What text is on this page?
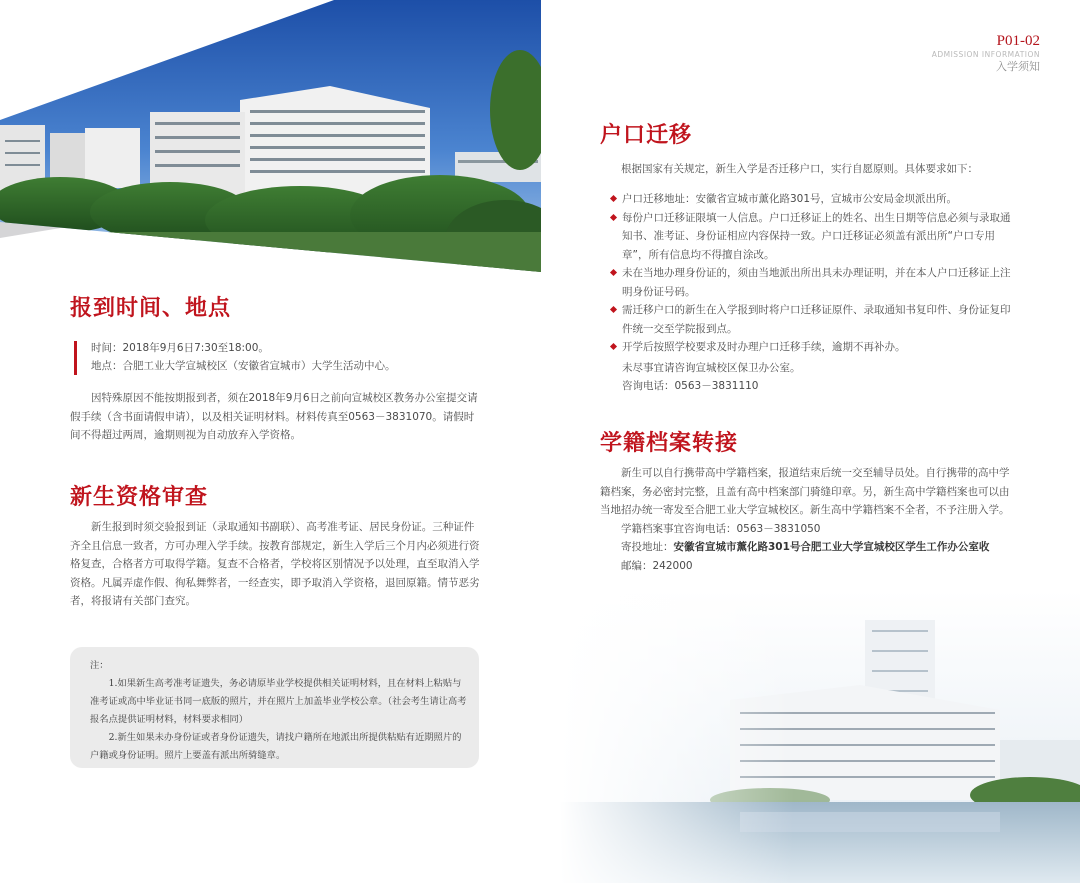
P01-02
ADMISSION INFORMATION
入学须知
报到时间、地点
时间：2018年9月6日7:30至18:00。
地点：合肥工业大学宣城校区（安徽省宣城市）大学生活动中心。

因特殊原因不能按期报到者，须在2018年9月6日之前向宣城校区教务办公室提交请假手续（含书面请假申请），以及相关证明材料。材料传真至0563－3831070。请假时间不得超过两周，逾期则视为自动放弃入学资格。

新生资格审查

新生报到时须交验报到证（录取通知书副联）、高考准考证、居民身份证。三种证件齐全且信息一致者，方可办理入学手续。按教育部规定，新生入学后三个月内必须进行资格复查，合格者方可取得学籍。复查不合格者，学校将区别情况予以处理，直至取消入学资格。凡属弄虚作假、徇私舞弊者，一经查实，即予取消入学资格，退回原籍。情节恶劣者，将报请有关部门查究。

注：

1.如果新生高考准考证遗失，务必请原毕业学校提供相关证明材料，且在材料上粘贴与准考证或高中毕业证书同一底版的照片，并在照片上加盖毕业学校公章。（社会考生请让高考报名点提供证明材料，材料要求相同）

2.新生如果未办身份证或者身份证遗失，请找户籍所在地派出所提供粘贴有近期照片的户籍或身份证明。照片上要盖有派出所骑缝章。

户口迁移

根据国家有关规定，新生入学是否迁移户口，实行自愿原则。具体要求如下：

户口迁移地址：安徽省宣城市薰化路301号，宣城市公安局金坝派出所。
每份户口迁移证限填一人信息。户口迁移证上的姓名、出生日期等信息必须与录取通知书、准考证、身份证相应内容保持一致。户口迁移证必须盖有派出所“户口专用章”，所有信息均不得擅自涂改。
未在当地办理身份证的，须由当地派出所出具未办理证明，并在本人户口迁移证上注明身份证号码。
需迁移户口的新生在入学报到时将户口迁移证原件、录取通知书复印件、身份证复印件统一交至学院报到点。
开学后按照学校要求及时办理户口迁移手续，逾期不再补办。
未尽事宜请咨询宣城校区保卫办公室。
咨询电话：0563－3831110
学籍档案转接

新生可以自行携带高中学籍档案，报道结束后统一交至辅导员处。自行携带的高中学籍档案，务必密封完整，且盖有高中档案部门骑缝印章。另，新生高中学籍档案也可以由当地招办统一寄发至合肥工业大学宣城校区。新生高中学籍档案不全者，不予注册入学。

学籍档案事宜咨询电话：0563－3831050
寄投地址：安徽省宣城市薰化路301号合肥工业大学宣城校区学生工作办公室收
邮编：242000
